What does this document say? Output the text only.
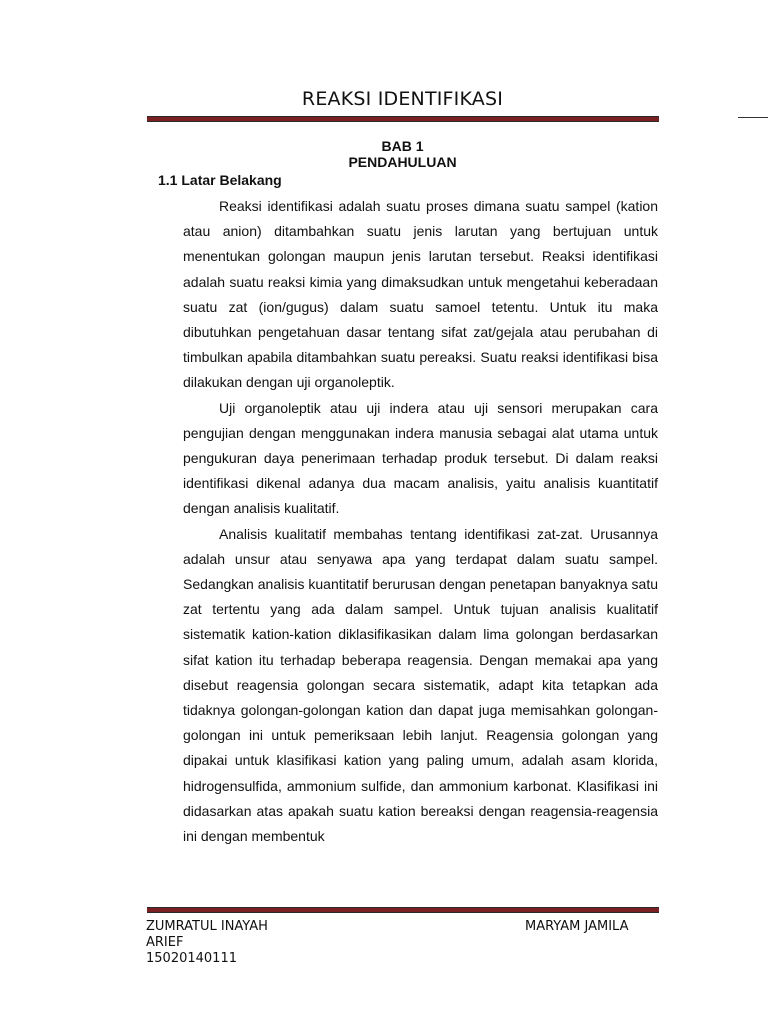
REAKSI IDENTIFIKASI
BAB 1
PENDAHULUAN
1.1 Latar Belakang

Reaksi identifikasi adalah suatu proses dimana suatu sampel (kation atau anion) ditambahkan suatu jenis larutan yang bertujuan untuk menentukan golongan maupun jenis larutan tersebut. Reaksi identifikasi adalah suatu reaksi kimia yang dimaksudkan untuk mengetahui keberadaan suatu zat (ion/gugus) dalam suatu samoel tetentu. Untuk itu maka dibutuhkan pengetahuan dasar tentang sifat zat/gejala atau perubahan di timbulkan apabila ditambahkan suatu pereaksi. Suatu reaksi identifikasi bisa dilakukan dengan uji organoleptik.

Uji organoleptik atau uji indera atau uji sensori merupakan cara pengujian dengan menggunakan indera manusia sebagai alat utama untuk pengukuran daya penerimaan terhadap produk tersebut. Di dalam reaksi identifikasi dikenal adanya dua macam analisis, yaitu analisis kuantitatif dengan analisis kualitatif.

Analisis kualitatif membahas tentang identifikasi zat-zat. Urusannya adalah unsur atau senyawa apa yang terdapat dalam suatu sampel. Sedangkan analisis kuantitatif berurusan dengan penetapan banyaknya satu zat tertentu yang ada dalam sampel. Untuk tujuan analisis kualitatif sistematik kation-kation diklasifikasikan dalam lima golongan berdasarkan sifat kation itu terhadap beberapa reagensia. Dengan memakai apa yang disebut reagensia golongan secara sistematik, adapt kita tetapkan ada tidaknya golongan-golongan kation dan dapat juga memisahkan golongan-golongan ini untuk pemeriksaan lebih lanjut. Reagensia golongan yang dipakai untuk klasifikasi kation yang paling umum, adalah asam klorida, hidrogensulfida, ammonium sulfide, dan ammonium karbonat. Klasifikasi ini didasarkan atas apakah suatu kation bereaksi dengan reagensia-reagensia ini dengan membentuk

ZUMRATUL INAYAH
ARIEF
15020140111
MARYAM JAMILA
